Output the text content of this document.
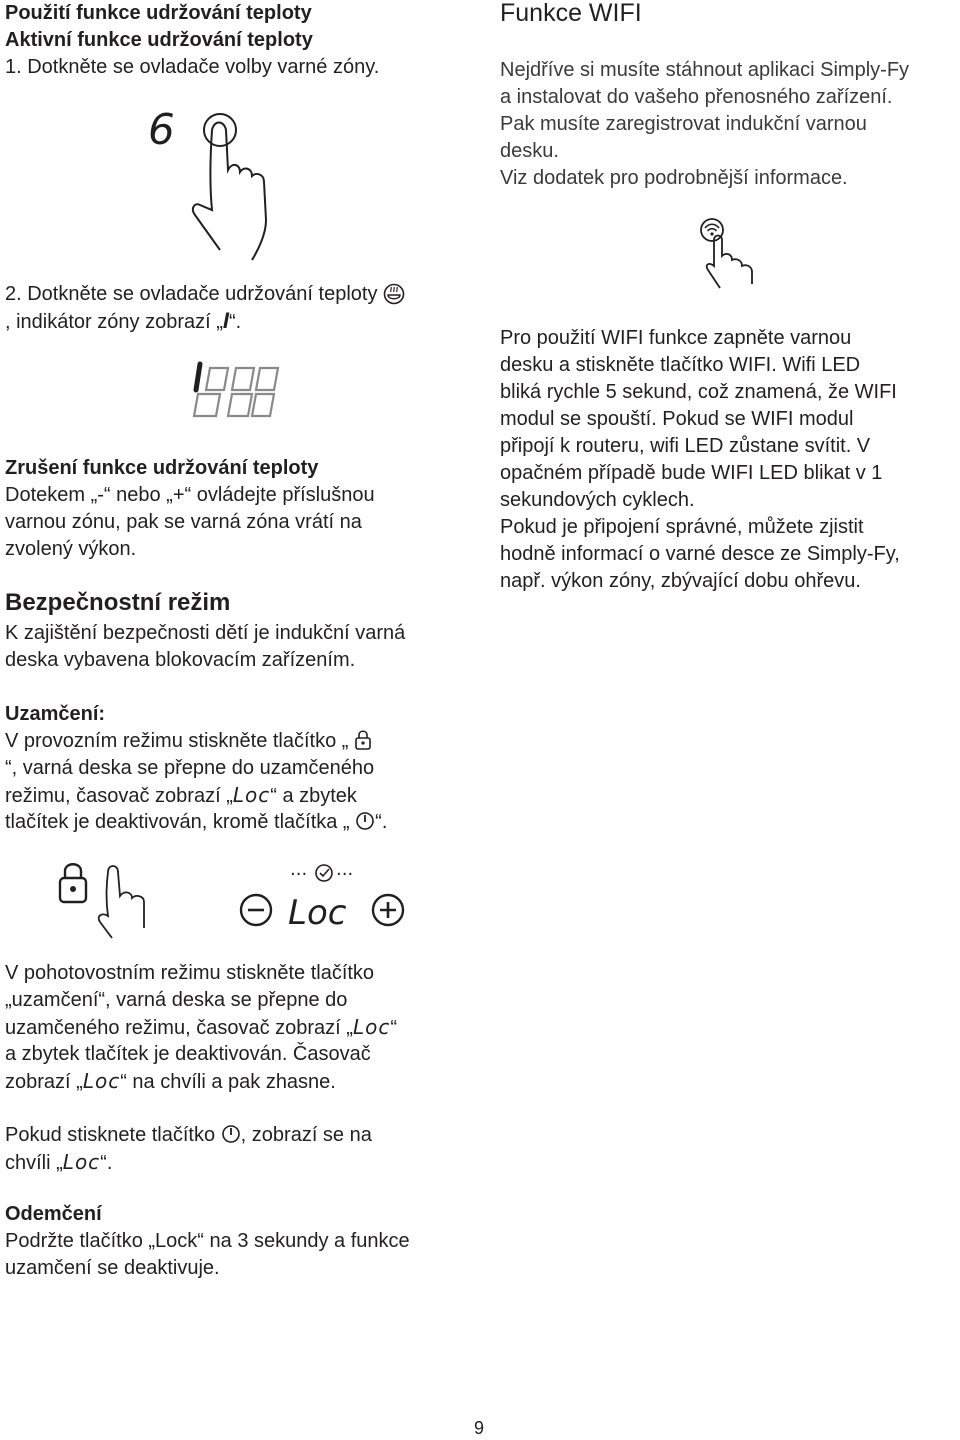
Použití funkce udržování teploty
Aktivní funkce udržování teploty
1. Dotkněte se ovladače volby varné zóny.
6
2. Dotkněte se ovladače udržování teploty
, indikátor zóny zobrazí „I“.
Zrušení funkce udržování teploty
Dotekem „-“ nebo „+“ ovládejte příslušnou
varnou zónu, pak se varná zóna vrátí na
zvolený výkon.
Bezpečnostní režim
K zajištění bezpečnosti dětí je indukční varná
deska vybavena blokovacím zařízením.
Funkce WIFI
Nejdříve si musíte stáhnout aplikaci Simply-Fy
a instalovat do vašeho přenosného zařízení.
Pak musíte zaregistrovat indukční varnou
desku.
Viz dodatek pro podrobnější informace.
Pro použití WIFI funkce zapněte varnou
desku a stiskněte tlačítko WIFI. Wifi LED
bliká rychle 5 sekund, což znamená, že WIFI
modul se spouští. Pokud se WIFI modul
připojí k routeru, wifi LED zůstane svítit. V
opačném případě bude WIFI LED blikat v 1
sekundových cyklech.
Pokud je připojení správné, můžete zjistit
hodně informací o varné desce ze Simply-Fy,
např. výkon zóny, zbývající dobu ohřevu.
Uzamčení:
V provozním režimu stiskněte tlačítko „
“, varná deska se přepne do uzamčeného
režimu, časovač zobrazí „Loc“ a zbytek
tlačítek je deaktivován, kromě tlačítka „ “.
··· ···
Loc
V pohotovostním režimu stiskněte tlačítko
„uzamčení“, varná deska se přepne do
uzamčeného režimu, časovač zobrazí „Loc“
a zbytek tlačítek je deaktivován. Časovač
zobrazí „Loc“ na chvíli a pak zhasne.
Pokud stisknete tlačítko , zobrazí se na
chvíli „Loc“.
Odemčení
Podržte tlačítko „Lock“ na 3 sekundy a funkce
uzamčení se deaktivuje.
9
